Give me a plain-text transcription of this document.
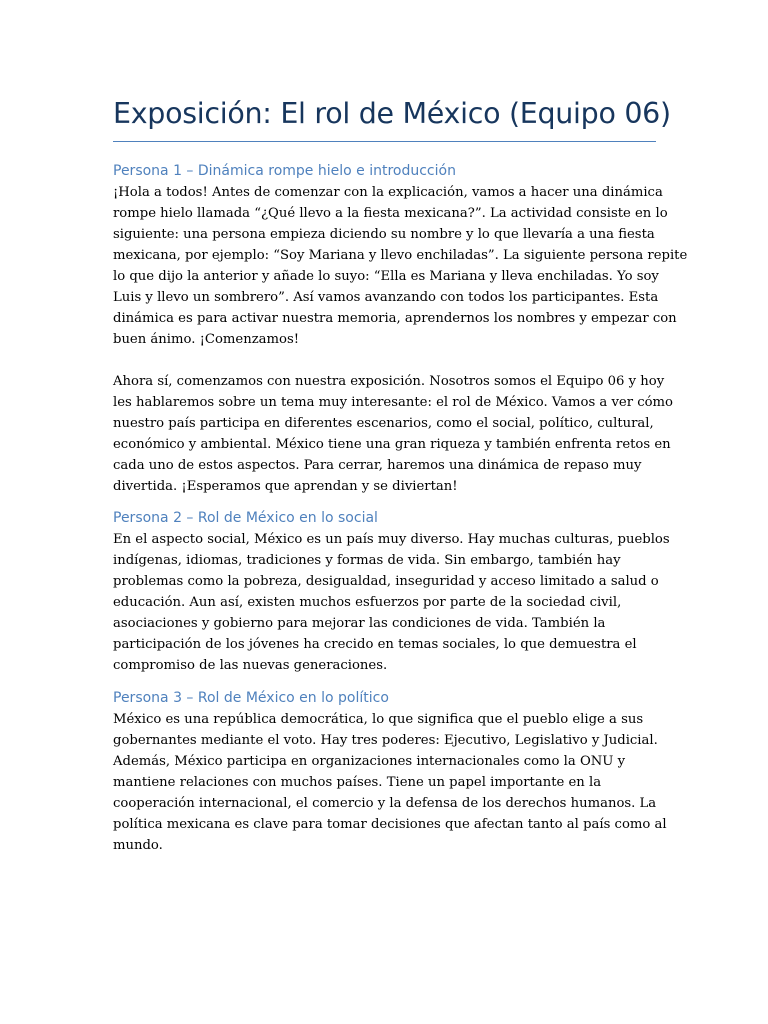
Exposición: El rol de México (Equipo 06)
Persona 1 – Dinámica rompe hielo e introducción

¡Hola a todos! Antes de comenzar con la explicación, vamos a hacer una dinámica
rompe hielo llamada “¿Qué llevo a la fiesta mexicana?”. La actividad consiste en lo
siguiente: una persona empieza diciendo su nombre y lo que llevaría a una fiesta
mexicana, por ejemplo: “Soy Mariana y llevo enchiladas”. La siguiente persona repite
lo que dijo la anterior y añade lo suyo: “Ella es Mariana y lleva enchiladas. Yo soy
Luis y llevo un sombrero”. Así vamos avanzando con todos los participantes. Esta
dinámica es para activar nuestra memoria, aprendernos los nombres y empezar con
buen ánimo. ¡Comenzamos!

Ahora sí, comenzamos con nuestra exposición. Nosotros somos el Equipo 06 y hoy
les hablaremos sobre un tema muy interesante: el rol de México. Vamos a ver cómo
nuestro país participa en diferentes escenarios, como el social, político, cultural,
económico y ambiental. México tiene una gran riqueza y también enfrenta retos en
cada uno de estos aspectos. Para cerrar, haremos una dinámica de repaso muy
divertida. ¡Esperamos que aprendan y se diviertan!

Persona 2 – Rol de México en lo social

En el aspecto social, México es un país muy diverso. Hay muchas culturas, pueblos
indígenas, idiomas, tradiciones y formas de vida. Sin embargo, también hay
problemas como la pobreza, desigualdad, inseguridad y acceso limitado a salud o
educación. Aun así, existen muchos esfuerzos por parte de la sociedad civil,
asociaciones y gobierno para mejorar las condiciones de vida. También la
participación de los jóvenes ha crecido en temas sociales, lo que demuestra el
compromiso de las nuevas generaciones.

Persona 3 – Rol de México en lo político

México es una república democrática, lo que significa que el pueblo elige a sus
gobernantes mediante el voto. Hay tres poderes: Ejecutivo, Legislativo y Judicial.
Además, México participa en organizaciones internacionales como la ONU y
mantiene relaciones con muchos países. Tiene un papel importante en la
cooperación internacional, el comercio y la defensa de los derechos humanos. La
política mexicana es clave para tomar decisiones que afectan tanto al país como al
mundo.
